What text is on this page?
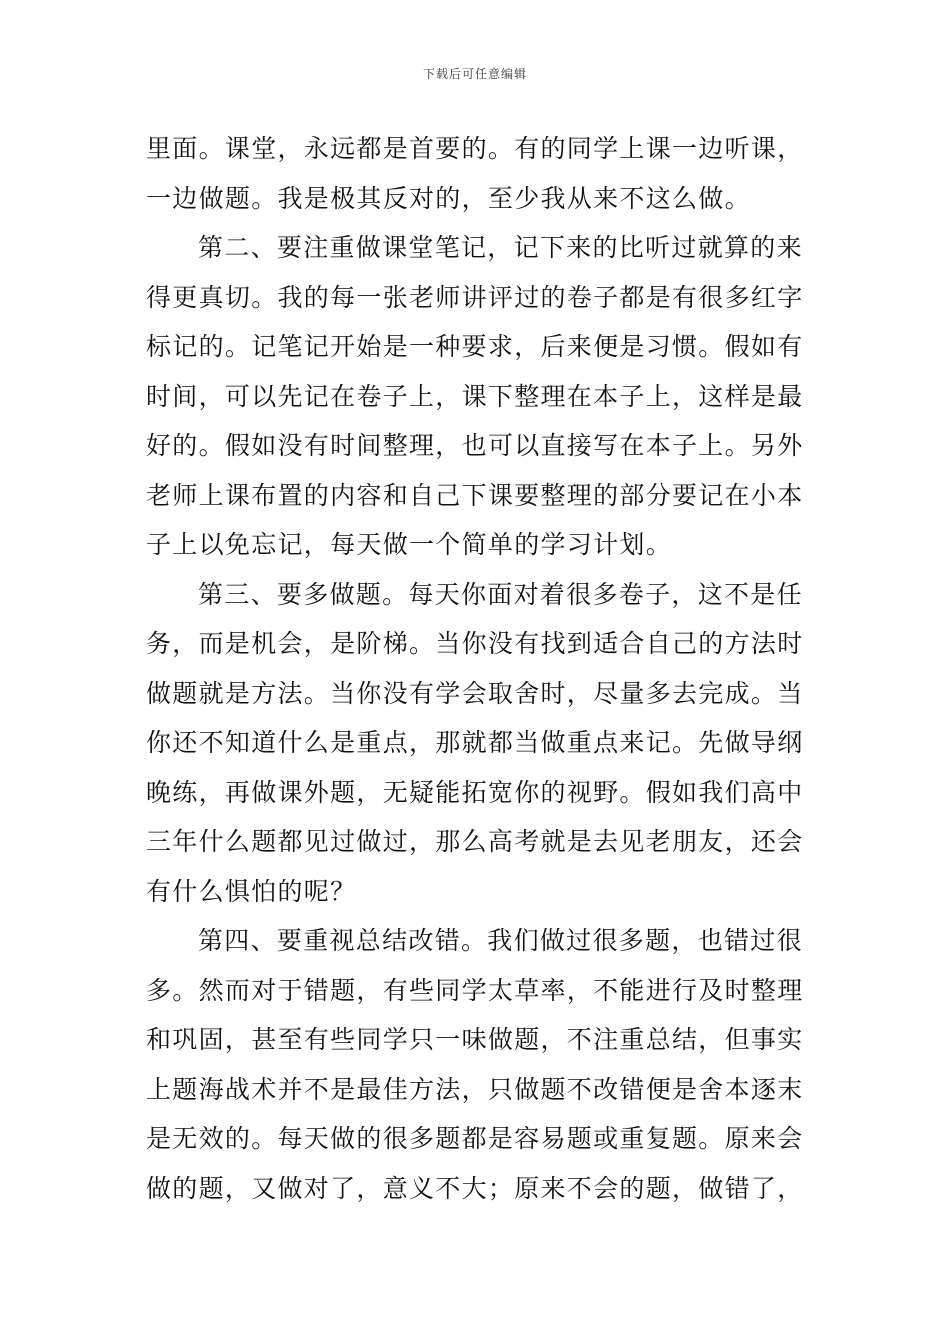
下载后可任意编辑
里面。课堂，永远都是首要的。有的同学上课一边听课，
一边做题。我是极其反对的，至少我从来不这么做。
第二、要注重做课堂笔记，记下来的比听过就算的来
得更真切。我的每一张老师讲评过的卷子都是有很多红字
标记的。记笔记开始是一种要求，后来便是习惯。假如有
时间，可以先记在卷子上，课下整理在本子上，这样是最
好的。假如没有时间整理，也可以直接写在本子上。另外
老师上课布置的内容和自己下课要整理的部分要记在小本
子上以免忘记，每天做一个简单的学习计划。
第三、要多做题。每天你面对着很多卷子，这不是任
务，而是机会，是阶梯。当你没有找到适合自己的方法时
做题就是方法。当你没有学会取舍时，尽量多去完成。当
你还不知道什么是重点，那就都当做重点来记。先做导纲
晚练，再做课外题，无疑能拓宽你的视野。假如我们高中
三年什么题都见过做过，那么高考就是去见老朋友，还会
有什么惧怕的呢？
第四、要重视总结改错。我们做过很多题，也错过很
多。然而对于错题，有些同学太草率，不能进行及时整理
和巩固，甚至有些同学只一味做题，不注重总结，但事实
上题海战术并不是最佳方法，只做题不改错便是舍本逐末
是无效的。每天做的很多题都是容易题或重复题。原来会
做的题，又做对了，意义不大；原来不会的题，做错了，
